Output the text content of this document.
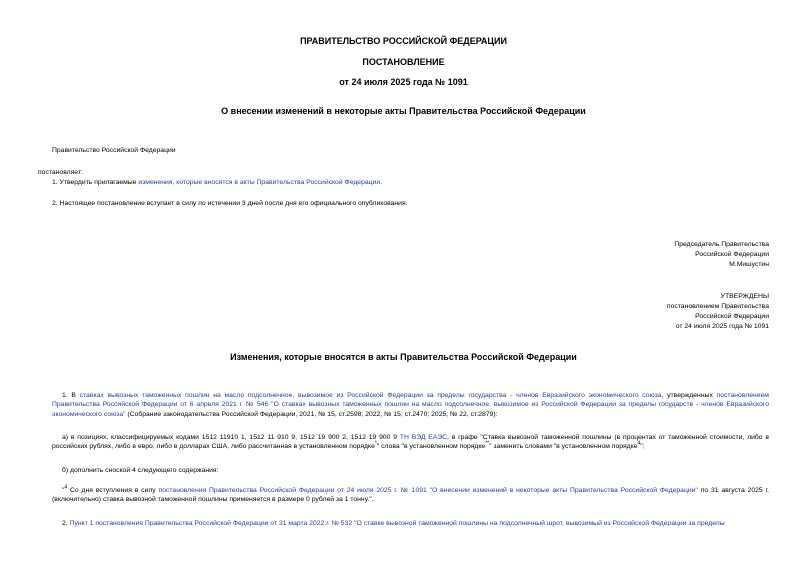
ПРАВИТЕЛЬСТВО РОССИЙСКОЙ ФЕДЕРАЦИИ
ПОСТАНОВЛЕНИЕ
от 24 июля 2025 года № 1091
О внесении изменений в некоторые акты Правительства Российской Федерации
Правительство Российской Федерации
постановляет:
1. Утвердить прилагаемые изменения, которые вносятся в акты Правительства Российской Федерации.
2. Настоящее постановление вступает в силу по истечении 3 дней после дня его официального опубликования.
Председатель Правительства
Российской Федерации
М.Мишустин
УТВЕРЖДЕНЫ
постановлением Правительства
Российской Федерации
от 24 июля 2025 года № 1091
Изменения, которые вносятся в акты Правительства Российской Федерации
1. В ставках вывозных таможенных пошлин на масло подсолнечное, вывозимое из Российской Федерации за пределы государства - членов Евразийского экономического союза, утвержденных постановлением Правительства Российской Федерации от 6 апреля 2021 г. № 546 "О ставках вывозных таможенных пошлин на масло подсолнечное, вывозимое из Российской Федерации за пределы государств - членов Евразийского экономического союза" (Собрание законодательства Российской Федерации, 2021, № 15, ст.2598; 2022, № 15, ст.2470; 2025, № 22, ст.2879):
а) в позициях, классифицируемых кодами 1512 11910 1, 1512 11 910 9, 1512 19 900 2, 1512 19 900 9 ТН ВЭД ЕАЭС, в графе "Ставка вывозной таможенной пошлины (в процентах от таможенной стоимости, либо в российских рублях, либо в евро, либо в долларах США, либо рассчитанная в установленном порядке*" слова "в установленном порядке**" заменить словами "в установленном порядке$^4$";
б) дополнить сноской 4 следующего содержания:
"$^4$ Со дня вступления в силу постановления Правительства Российской Федерации от 24 июля 2025 г. № 1091 "О внесении изменений в некоторые акты Правительства Российской Федерации" по 31 августа 2025 г. (включительно) ставка вывозной таможенной пошлины применяется в размере 0 рублей за 1 тонну.".
2. Пункт 1 постановления Правительства Российской Федерации от 31 марта 2022 г. № 532 "О ставке вывозной таможенной пошлины на подсолнечный шрот, вывозимый из Российской Федерации за пределы
